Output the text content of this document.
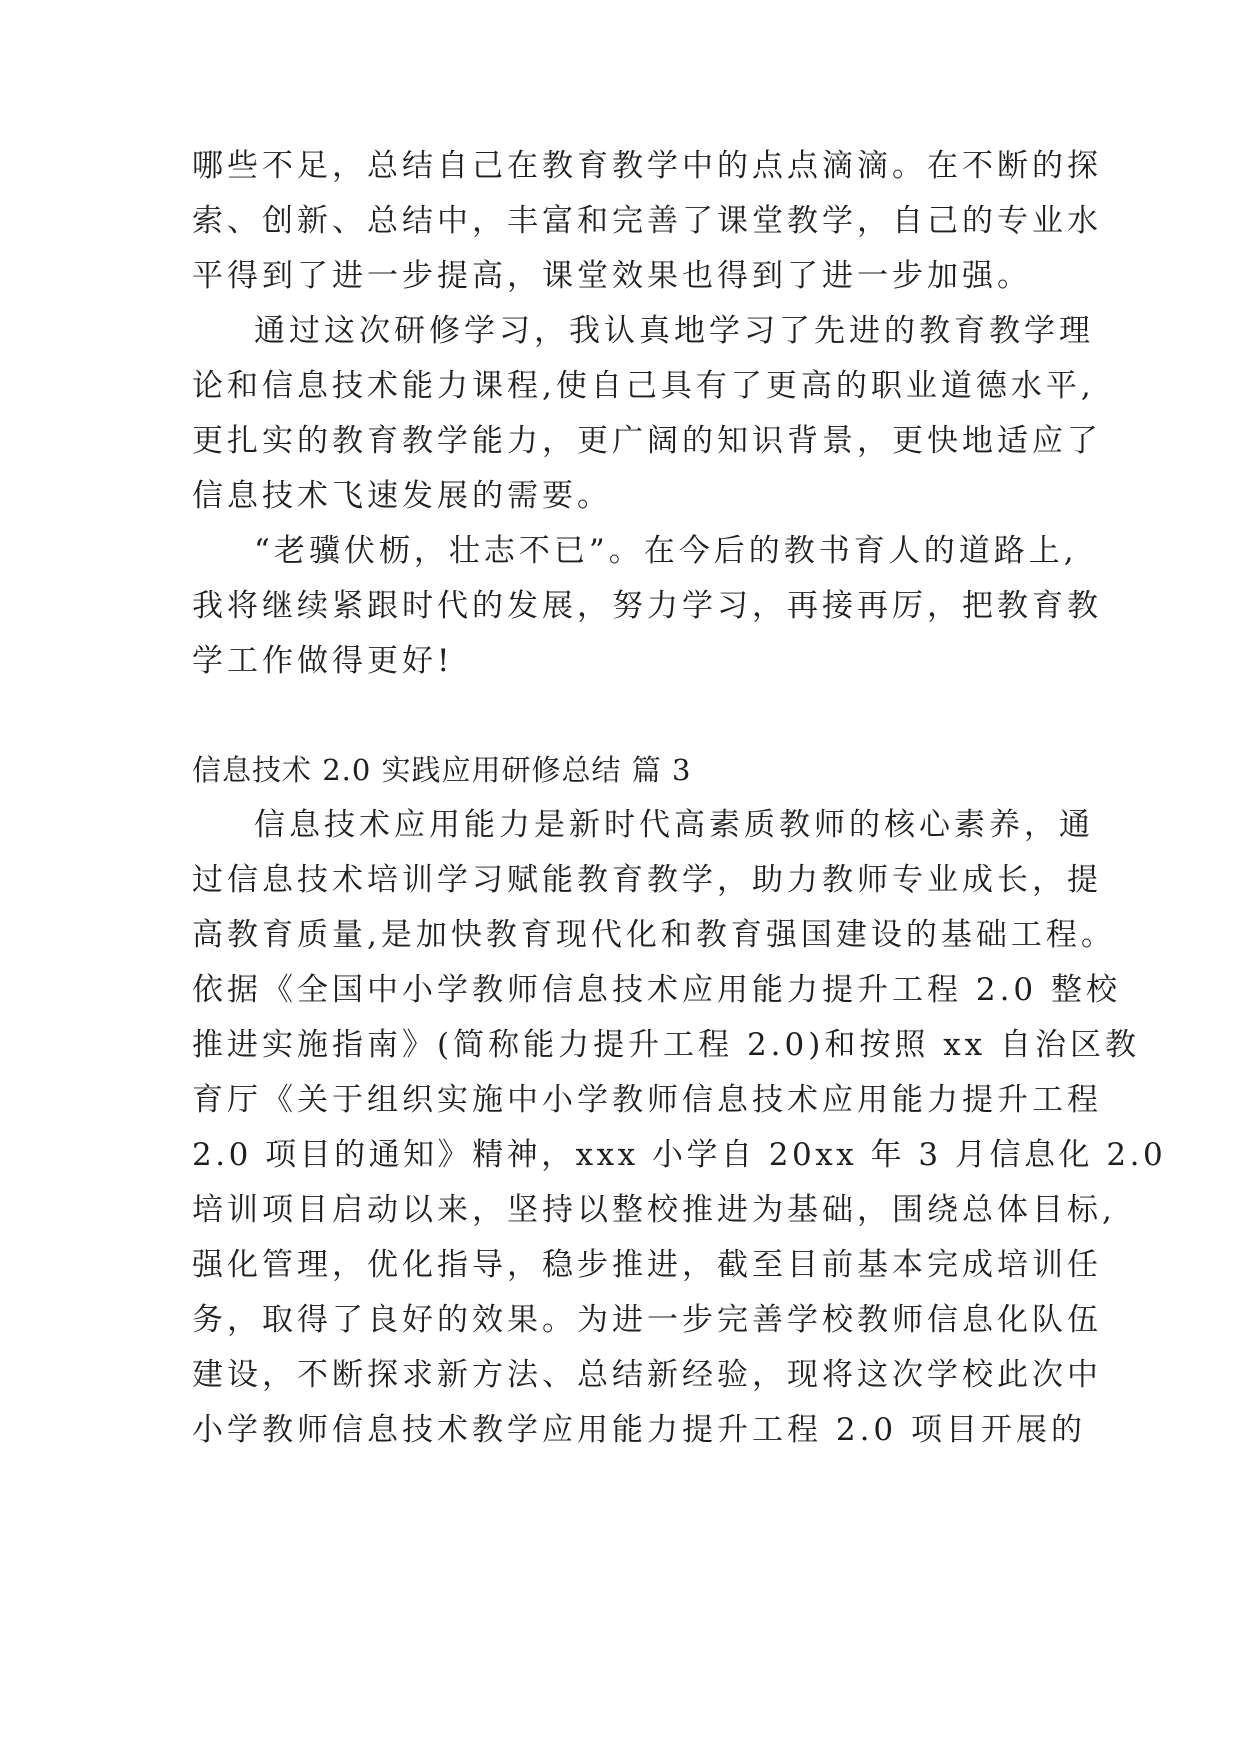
哪些不足，总结自己在教育教学中的点点滴滴。在不断的探

索、创新、总结中，丰富和完善了课堂教学，自己的专业水

平得到了进一步提高，课堂效果也得到了进一步加强。

通过这次研修学习，我认真地学习了先进的教育教学理

论和信息技术能力课程,使自己具有了更高的职业道德水平,

更扎实的教育教学能力，更广阔的知识背景，更快地适应了

信息技术飞速发展的需要。

“老骥伏枥，壮志不已”。在今后的教书育人的道路上,

我将继续紧跟时代的发展，努力学习，再接再厉，把教育教

学工作做得更好!

信息技术 2.0 实践应用研修总结 篇 3

信息技术应用能力是新时代高素质教师的核心素养，通

过信息技术培训学习赋能教育教学，助力教师专业成长，提

高教育质量,是加快教育现代化和教育强国建设的基础工程。

依据《全国中小学教师信息技术应用能力提升工程 2.0 整校

推进实施指南》(简称能力提升工程 2.0)和按照 xx 自治区教

育厅《关于组织实施中小学教师信息技术应用能力提升工程

2.0 项目的通知》精神，xxx 小学自 20xx 年 3 月信息化 2.0

培训项目启动以来，坚持以整校推进为基础，围绕总体目标,

强化管理，优化指导，稳步推进，截至目前基本完成培训任

务，取得了良好的效果。为进一步完善学校教师信息化队伍

建设，不断探求新方法、总结新经验，现将这次学校此次中

小学教师信息技术教学应用能力提升工程 2.0 项目开展的
